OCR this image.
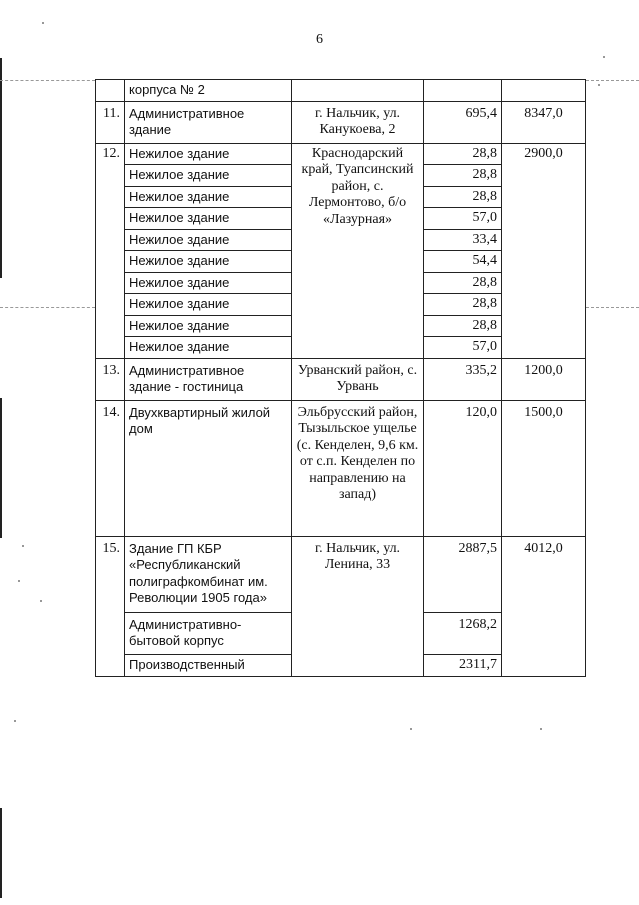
6
	корпуса № 2			
11.	Административное здание	г. Нальчик, ул. Канукоева, 2	695,4	8347,0
12.	Нежилое здание	Краснодарский край, Туапсинский район, с. Лермонтово, б/о «Лазурная»	28,8	2900,0
	Нежилое здание		28,8	
	Нежилое здание		28,8	
	Нежилое здание		57,0	
	Нежилое здание		33,4	
	Нежилое здание		54,4	
	Нежилое здание		28,8	
	Нежилое здание		28,8	
	Нежилое здание		28,8	
	Нежилое здание		57,0	
13.	Административное здание - гостиница	Урванский район, с. Урвань	335,2	1200,0
14.	Двухквартирный жилой дом	Эльбрусский район, Тызыльское ущелье (с. Кенделен, 9,6 км. от с.п. Кенделен по направлению на запад)	120,0	1500,0
15.	Здание ГП КБР «Республиканский полиграфкомбинат им. Революции 1905 года»	г. Нальчик, ул. Ленина, 33	2887,5	4012,0
	Административно-бытовой корпус		1268,2	
	Производственный		2311,7	
